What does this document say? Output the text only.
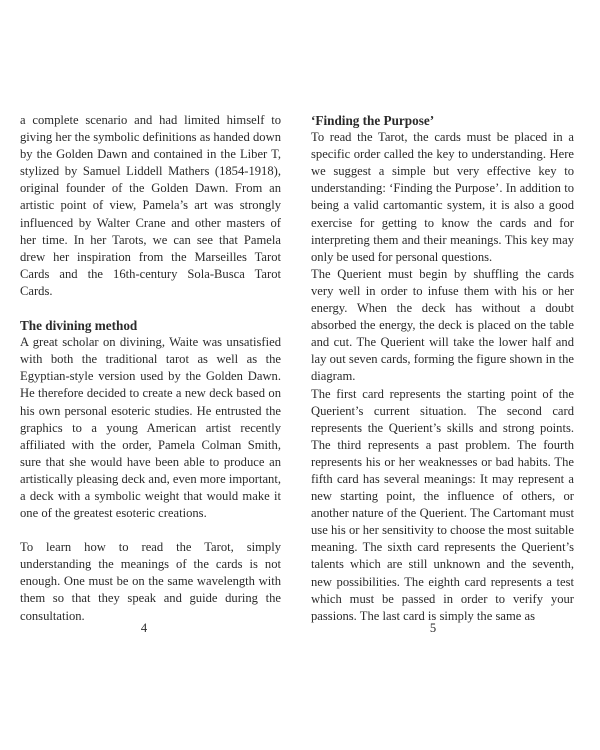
a complete scenario and had limited himself to giving her the symbolic definitions as handed down by the Golden Dawn and contained in the Liber T, stylized by Samuel Liddell Mathers (1854-1918), original founder of the Golden Dawn. From an artistic point of view, Pamela’s art was strongly influenced by Walter Crane and other masters of her time. In her Tarots, we can see that Pamela drew her inspiration from the Marseilles Tarot Cards and the 16th-century Sola-Busca Tarot Cards.

The divining method

A great scholar on divining, Waite was unsatisfied with both the traditional tarot as well as the Egyptian-style version used by the Golden Dawn. He therefore decided to create a new deck based on his own personal esoteric studies. He entrusted the graphics to a young American artist recently affiliated with the order, Pamela Colman Smith, sure that she would have been able to produce an artistically pleasing deck and, even more important, a deck with a symbolic weight that would make it one of the greatest esoteric creations.

To learn how to read the Tarot, simply understanding the meanings of the cards is not enough. One must be on the same wavelength with them so that they speak and guide during the consultation.

4
‘Finding the Purpose’

To read the Tarot, the cards must be placed in a specific order called the key to understanding. Here we suggest a simple but very effective key to understanding: ‘Finding the Purpose’. In addition to being a valid cartomantic system, it is also a good exercise for getting to know the cards and for interpreting them and their meanings. This key may only be used for personal questions.

The Querient must begin by shuffling the cards very well in order to infuse them with his or her energy. When the deck has without a doubt absorbed the energy, the deck is placed on the table and cut. The Querient will take the lower half and lay out seven cards, forming the figure shown in the diagram.

The first card represents the starting point of the Querient’s current situation. The second card represents the Querient’s skills and strong points. The third represents a past problem. The fourth represents his or her weaknesses or bad habits. The fifth card has several meanings: It may represent a new starting point, the influence of others, or another nature of the Querient. The Cartomant must use his or her sensitivity to choose the most suitable meaning. The sixth card represents the Querient’s talents which are still unknown and the seventh, new possibilities. The eighth card represents a test which must be passed in order to verify your passions. The last card is simply the same as

5
